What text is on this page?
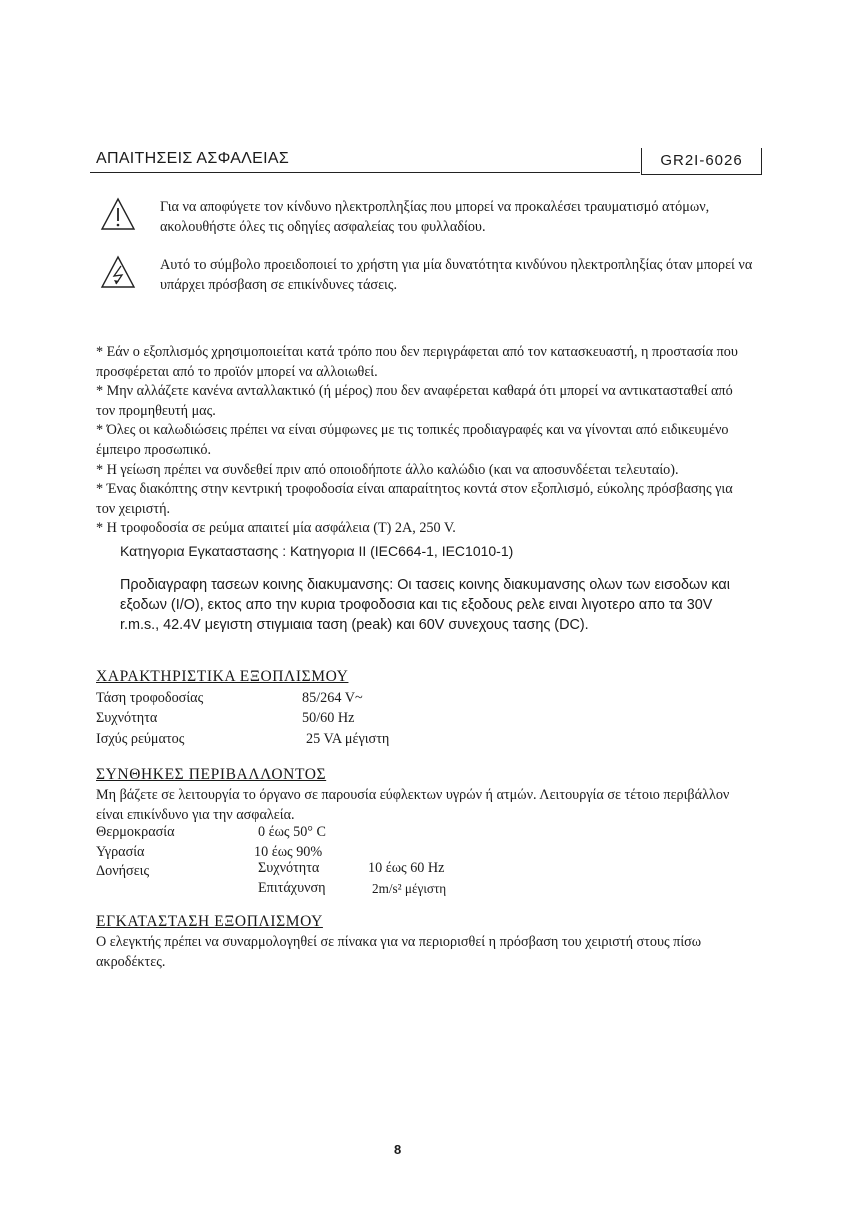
ΑΠΑΙΤΗΣΕΙΣ ΑΣΦΑΛΕΙΑΣ	GR2I-6026
Για να αποφύγετε τον κίνδυνο ηλεκτροπληξίας που μπορεί να προκαλέσει τραυματισμό ατόμων, ακολουθήστε όλες τις οδηγίες ασφαλείας του φυλλαδίου.
Αυτό το σύμβολο προειδοποιεί το χρήστη για μία δυνατότητα κινδύνου ηλεκτροπληξίας όταν μπορεί να υπάρχει πρόσβαση σε επικίνδυνες τάσεις.

* Εάν ο εξοπλισμός χρησιμοποιείται κατά τρόπο που δεν περιγράφεται από τον κατασκευαστή, η προστασία που προσφέρεται από το προϊόν μπορεί να αλλοιωθεί.

* Μην αλλάζετε κανένα ανταλλακτικό (ή μέρος) που δεν αναφέρεται καθαρά ότι μπορεί να αντικατασταθεί από τον προμηθευτή μας.

* Όλες οι καλωδιώσεις πρέπει να είναι σύμφωνες με τις τοπικές προδιαγραφές και να γίνονται από ειδικευμένο έμπειρο προσωπικό.

* Η γείωση πρέπει να συνδεθεί πριν από οποιοδήποτε άλλο καλώδιο (και να αποσυνδέεται τελευταίο).

* Ένας διακόπτης στην κεντρική τροφοδοσία είναι απαραίτητος κοντά στον εξοπλισμό, εύκολης πρόσβασης για τον χειριστή.

* Η τροφοδοσία σε ρεύμα απαιτεί μία ασφάλεια (T) 2A, 250 V.

Κατηγορια Εγκαταστασης : Κατηγορια II (IEC664-1, IEC1010-1)
Προδιαγραφη τασεων κοινης διακυμανσης: Οι τασεις κοινης διακυμανσης ολων των εισοδων και εξοδων (I/O), εκτος απο την κυρια τροφοδοσια και τις εξοδους ρελε ειναι λιγοτερο απο τα 30V r.m.s., 42.4V μεγιστη στιγμιαια ταση (peak) και 60V συνεχους τασης (DC).
ΧΑΡΑΚΤΗΡΙΣΤΙΚΑ ΕΞΟΠΛΙΣΜΟΥ
Τάση τροφοδοσίας	85/264 V~
Συχνότητα	50/60 Hz
Ισχύς ρεύματος	25 VA μέγιστη
ΣΥΝΘΗΚΕΣ ΠΕΡΙΒΑΛΛΟΝΤΟΣ
Μη βάζετε σε λειτουργία το όργανο σε παρουσία εύφλεκτων υγρών ή ατμών. Λειτουργία σε τέτοιο περιβάλλον είναι επικίνδυνο για την ασφαλεία.
Θερμοκρασία	0 έως 50° C
Υγρασία	10 έως 90%
Δονήσεις	Συχνότητα	10 έως 60 Hz
Επιτάχυνση	2m/s² μέγιστη
ΕΓΚΑΤΑΣΤΑΣΗ ΕΞΟΠΛΙΣΜΟΥ
Ο ελεγκτής πρέπει να συναρμολογηθεί σε πίνακα για να περιορισθεί η πρόσβαση του χειριστή στους πίσω ακροδέκτες.
8
